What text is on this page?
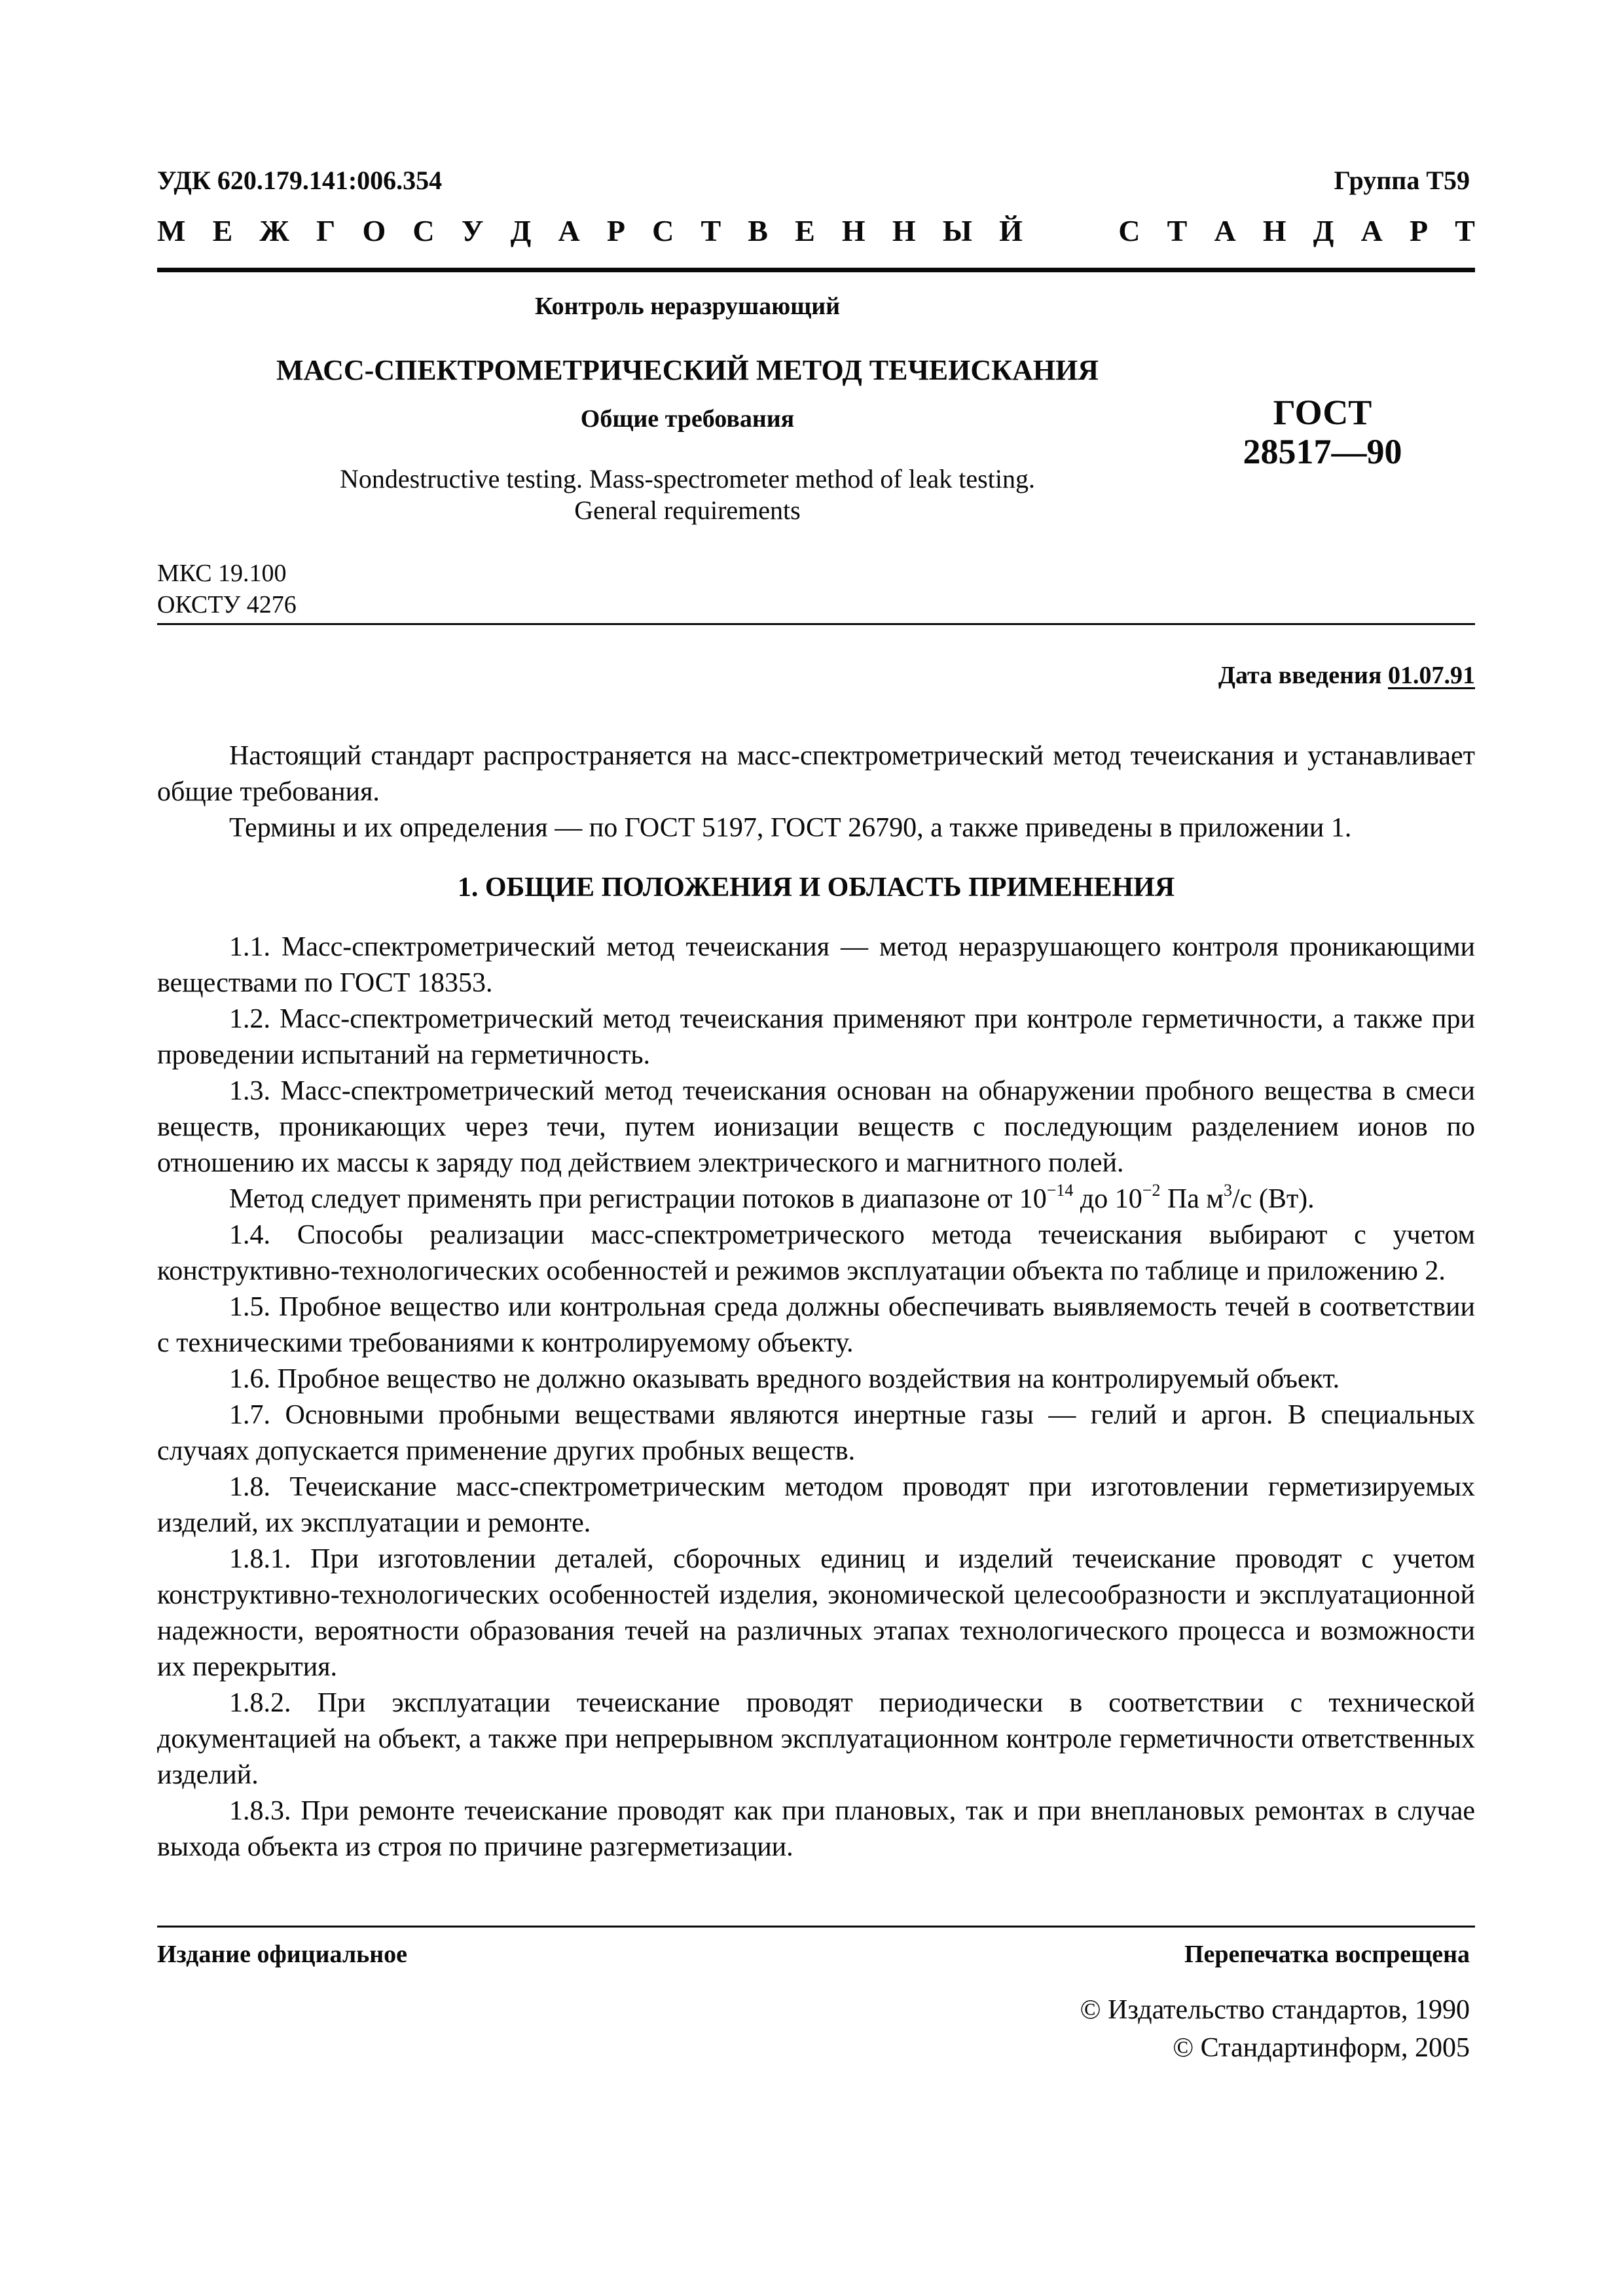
УДК 620.179.141:006.354	Группа Т59
М Е Ж Г О С У Д А Р С Т В Е Н Н Ы Й

	С Т А Н Д А Р Т
Контроль неразрушающий
МАСС-СПЕКТРОМЕТРИЧЕСКИЙ МЕТОД ТЕЧЕИСКАНИЯ
Общие требования
Nondestructive testing. Mass-spectrometer method of leak testing.
General requirements
ГОСТ
28517—90
МКС 19.100
ОКСТУ 4276
Дата введения 01.07.91

Настоящий стандарт распространяется на масс-спектрометрический метод течеискания и устанавливает общие требования.

Термины и их определения — по ГОСТ 5197, ГОСТ 26790, а также приведены в приложении 1.

1. ОБЩИЕ ПОЛОЖЕНИЯ И ОБЛАСТЬ ПРИМЕНЕНИЯ

1.1. Масс-спектрометрический метод течеискания — метод неразрушающего контроля проникающими веществами по ГОСТ 18353.

1.2. Масс-спектрометрический метод течеискания применяют при контроле герметичности, а также при проведении испытаний на герметичность.

1.3. Масс-спектрометрический метод течеискания основан на обнаружении пробного вещества в смеси веществ, проникающих через течи, путем ионизации веществ с последующим разделением ионов по отношению их массы к заряду под действием электрического и магнитного полей.

Метод следует применять при регистрации потоков в диапазоне от $10^{-14}$ до $10^{-2}$ Па $м^3/с$ (Вт).

1.4. Способы реализации масс-спектрометрического метода течеискания выбирают с учетом конструктивно-технологических особенностей и режимов эксплуатации объекта по таблице и приложению 2.

1.5. Пробное вещество или контрольная среда должны обеспечивать выявляемость течей в соответствии с техническими требованиями к контролируемому объекту.

1.6. Пробное вещество не должно оказывать вредного воздействия на контролируемый объект.

1.7. Основными пробными веществами являются инертные газы — гелий и аргон. В специальных случаях допускается применение других пробных веществ.

1.8. Течеискание масс-спектрометрическим методом проводят при изготовлении герметизируемых изделий, их эксплуатации и ремонте.

1.8.1. При изготовлении деталей, сборочных единиц и изделий течеискание проводят с учетом конструктивно-технологических особенностей изделия, экономической целесообразности и эксплуатационной надежности, вероятности образования течей на различных этапах технологического процесса и возможности их перекрытия.

1.8.2. При эксплуатации течеискание проводят периодически в соответствии с технической документацией на объект, а также при непрерывном эксплуатационном контроле герметичности ответственных изделий.

1.8.3. При ремонте течеискание проводят как при плановых, так и при внеплановых ремонтах в случае выхода объекта из строя по причине разгерметизации.

Издание официальное	Перепечатка воспрещена
© Издательство стандартов, 1990
© Стандартинформ, 2005
